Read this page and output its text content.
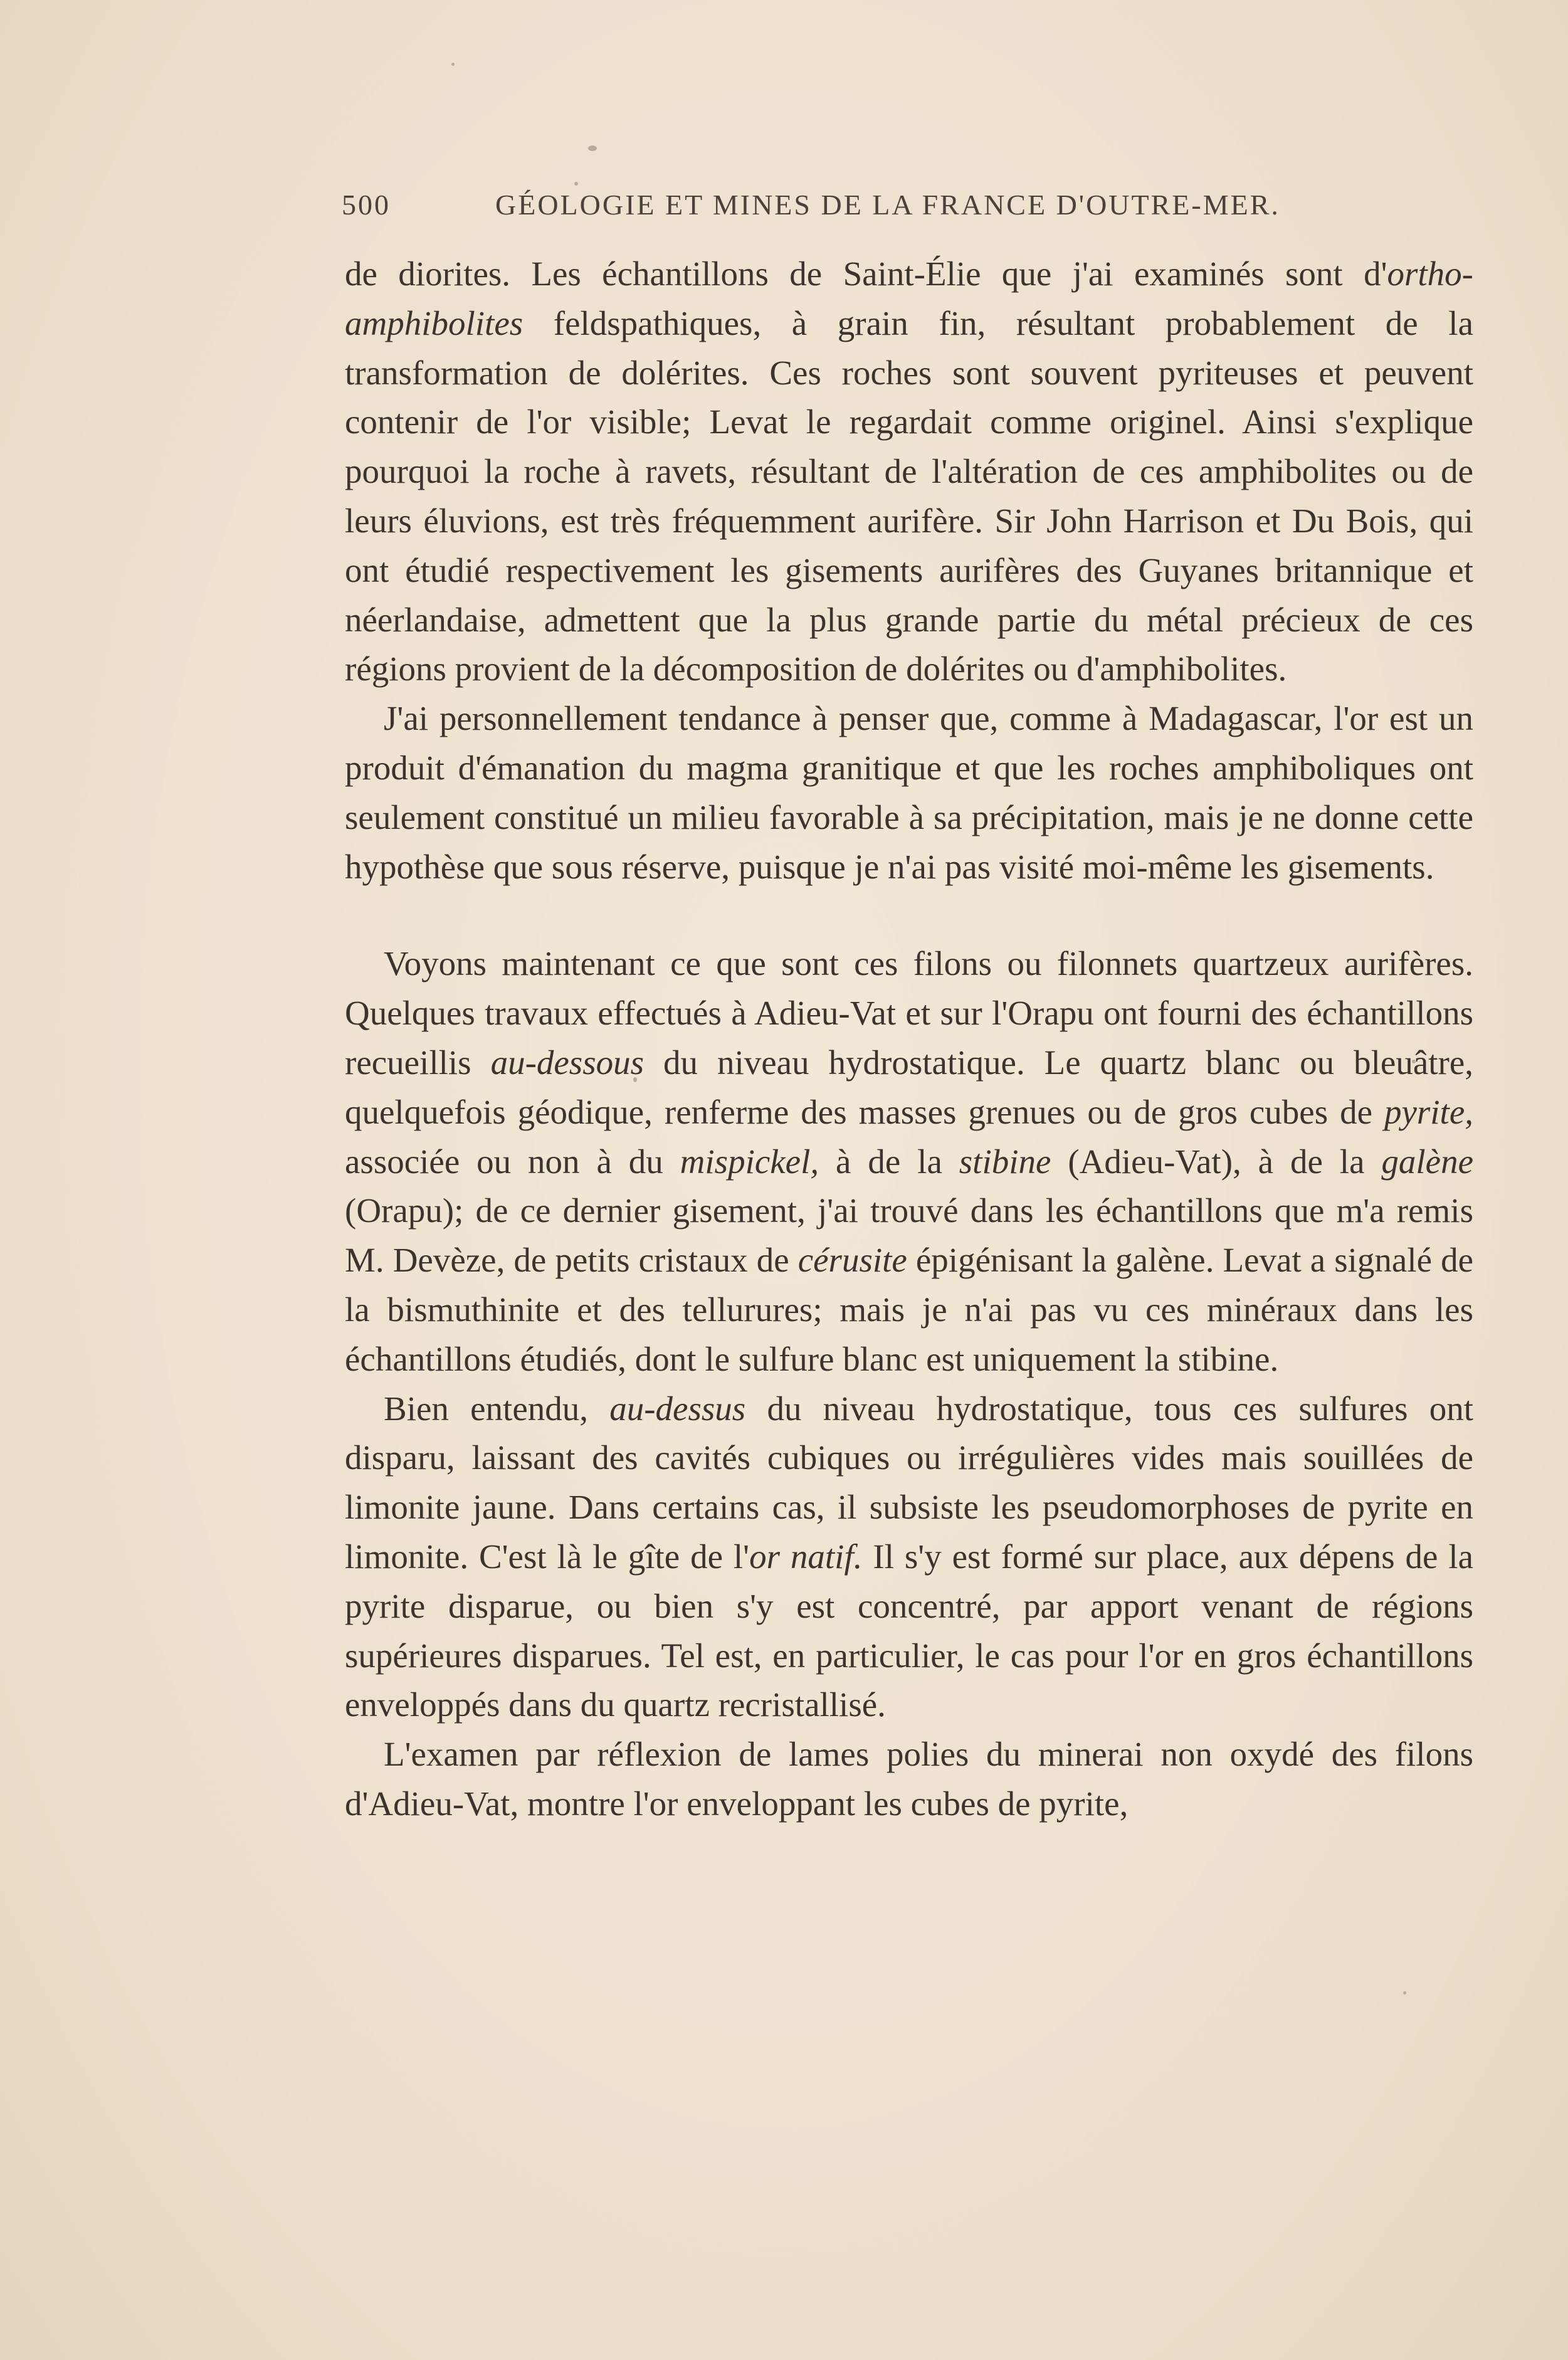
500	GÉOLOGIE ET MINES DE LA FRANCE D'OUTRE-MER.

de diorites. Les échantillons de Saint-Élie que j'ai examinés sont d'ortho-amphibolites feldspathiques, à grain fin, résultant probablement de la transformation de dolérites. Ces roches sont souvent pyriteuses et peuvent contenir de l'or visible; Levat le regardait comme originel. Ainsi s'explique pourquoi la roche à ravets, résultant de l'altération de ces amphibolites ou de leurs éluvions, est très fréquemment aurifère. Sir John Harrison et Du Bois, qui ont étudié respectivement les gisements aurifères des Guyanes britannique et néerlandaise, admettent que la plus grande partie du métal précieux de ces régions provient de la décomposition de dolérites ou d'amphibolites.

J'ai personnellement tendance à penser que, comme à Madagascar, l'or est un produit d'émanation du magma granitique et que les roches amphiboliques ont seulement constitué un milieu favorable à sa précipitation, mais je ne donne cette hypothèse que sous réserve, puisque je n'ai pas visité moi-même les gisements.

Voyons maintenant ce que sont ces filons ou filonnets quartzeux aurifères. Quelques travaux effectués à Adieu-Vat et sur l'Orapu ont fourni des échantillons recueillis au-dessous du niveau hydrostatique. Le quartz blanc ou bleuâtre, quelquefois géodique, renferme des masses grenues ou de gros cubes de pyrite, associée ou non à du mispickel, à de la stibine (Adieu-Vat), à de la galène (Orapu); de ce dernier gisement, j'ai trouvé dans les échantillons que m'a remis M. Devèze, de petits cristaux de cérusite épigénisant la galène. Levat a signalé de la bismuthinite et des tellurures; mais je n'ai pas vu ces minéraux dans les échantillons étudiés, dont le sulfure blanc est uniquement la stibine.

Bien entendu, au-dessus du niveau hydrostatique, tous ces sulfures ont disparu, laissant des cavités cubiques ou irrégulières vides mais souillées de limonite jaune. Dans certains cas, il subsiste les pseudomorphoses de pyrite en limonite. C'est là le gîte de l'or natif. Il s'y est formé sur place, aux dépens de la pyrite disparue, ou bien s'y est concentré, par apport venant de régions supérieures disparues. Tel est, en particulier, le cas pour l'or en gros échantillons enveloppés dans du quartz recristallisé.

L'examen par réflexion de lames polies du minerai non oxydé des filons d'Adieu-Vat, montre l'or enveloppant les cubes de pyrite,
